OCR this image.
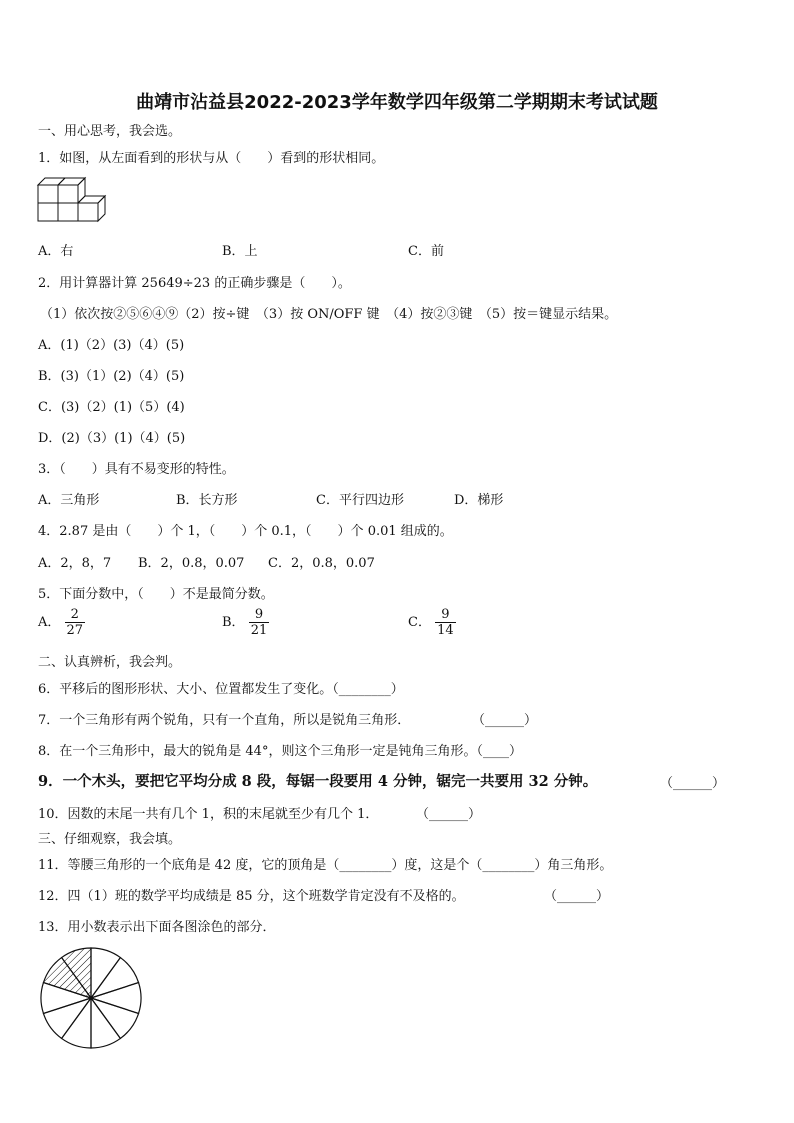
曲靖市沾益县2022-2023学年数学四年级第二学期期末考试试题
一、用心思考，我会选。
1．如图，从左面看到的形状与从（　　）看到的形状相同。
A．右	B．上	C．前
2．用计算器计算 25649÷23 的正确步骤是（　　）。
（1）依次按②⑤⑥④⑨（2）按÷键　（3）按 ON/OFF 键　（4）按②③键　（5）按＝键显示结果。
A．(1)（2）(3)（4）(5)
B．(3)（1）(2)（4）(5)
C．(3)（2）(1)（5）(4)
D．(2)（3）(1)（4）(5)
3．（　　）具有不易变形的特性。
A．三角形	B．长方形	C．平行四边形	D．梯形
4．2.87 是由（　　）个 1，（　　）个 0.1，（　　）个 0.01 组成的。
A．2，8，7 B．2，0.8，0.07 C．2，0.8，0.07
5．下面分数中，（　　）不是最简分数。
A． $\frac{2}{27}$	B． $\frac{9}{21}$	C． $\frac{9}{14}$
二、认真辨析，我会判。
6．平移后的图形形状、大小、位置都发生了变化。（________）
7．一个三角形有两个锐角，只有一个直角，所以是锐角三角形．	（______）
8．在一个三角形中，最大的锐角是 44°，则这个三角形一定是钝角三角形。（____）
9．一个木头，要把它平均分成 8 段，每锯一段要用 4 分钟，锯完一共要用 32 分钟。	（______）
10．因数的末尾一共有几个 1，积的末尾就至少有几个 1．	（______）
三、仔细观察，我会填。
11．等腰三角形的一个底角是 42 度，它的顶角是（________）度，这是个（________）角三角形。
12．四（1）班的数学平均成绩是 85 分，这个班数学肯定没有不及格的。	（______）
13．用小数表示出下面各图涂色的部分．
